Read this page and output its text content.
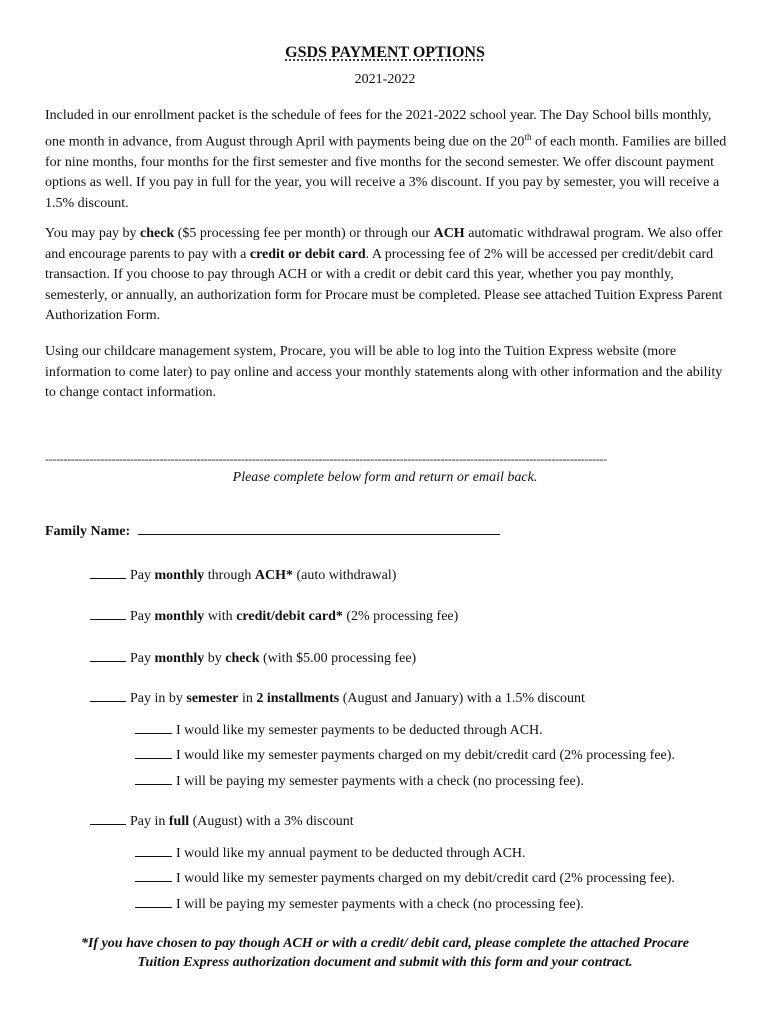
GSDS PAYMENT OPTIONS
2021-2022

Included in our enrollment packet is the schedule of fees for the 2021-2022 school year. The Day School bills monthly, one month in advance, from August through April with payments being due on the 20th of each month. Families are billed for nine months, four months for the first semester and five months for the second semester. We offer discount payment options as well. If you pay in full for the year, you will receive a 3% discount. If you pay by semester, you will receive a 1.5% discount.

You may pay by check ($5 processing fee per month) or through our ACH automatic withdrawal program. We also offer and encourage parents to pay with a credit or debit card. A processing fee of 2% will be accessed per credit/debit card transaction. If you choose to pay through ACH or with a credit or debit card this year, whether you pay monthly, semesterly, or annually, an authorization form for Procare must be completed. Please see attached Tuition Express Parent Authorization Form.

Using our childcare management system, Procare, you will be able to log into the Tuition Express website (more information to come later) to pay online and access your monthly statements along with other information and the ability to change contact information.

--------------------------------------------------------------------------------------------------------------------------------------------------------
Please complete below form and return or email back.
Family Name:
Pay monthly through ACH* (auto withdrawal)
Pay monthly with credit/debit card* (2% processing fee)
Pay monthly by check (with $5.00 processing fee)
Pay in by semester in 2 installments (August and January) with a 1.5% discount
I would like my semester payments to be deducted through ACH.
I would like my semester payments charged on my debit/credit card (2% processing fee).
I will be paying my semester payments with a check (no processing fee).
Pay in full (August) with a 3% discount
I would like my annual payment to be deducted through ACH.
I would like my semester payments charged on my debit/credit card (2% processing fee).
I will be paying my semester payments with a check (no processing fee).
*If you have chosen to pay though ACH or with a credit/ debit card, please complete the attached Procare
Tuition Express authorization document and submit with this form and your contract.
